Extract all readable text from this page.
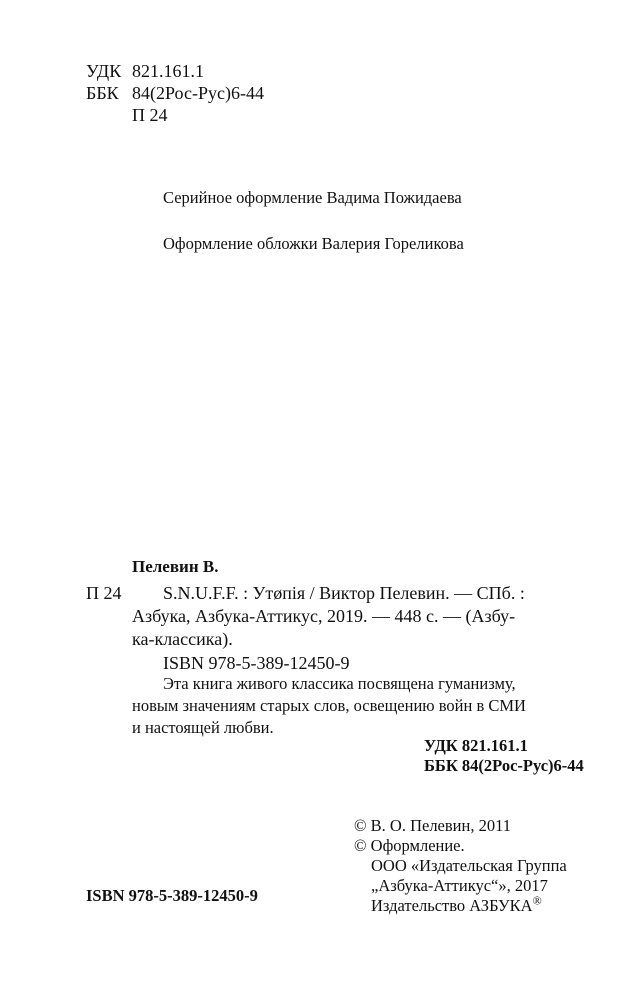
УДК 821.161.1
ББК 84(2Рос-Рус)6-44
П 24
Серийное оформление Вадима Пожидаева
Оформление обложки Валерия Гореликова
Пелевин В.
П 24 S.N.U.F.F. : Утøпiя / Виктор Пелевин. — СПб. :
Азбука, Азбука-Аттикус, 2019. — 448 с. — (Азбу-
ка-классика).
ISBN 978-5-389-12450-9
Эта книга живого классика посвящена гуманизму,
новым значениям старых слов, освещению войн в СМИ
и настоящей любви.
УДК 821.161.1
ББК 84(2Рос-Рус)6-44
© В. О. Пелевин, 2011
© Оформление.
ООО «Издательская Группа
„Азбука-Аттикус“», 2017
Издательство АЗБУКА®
ISBN 978-5-389-12450-9
